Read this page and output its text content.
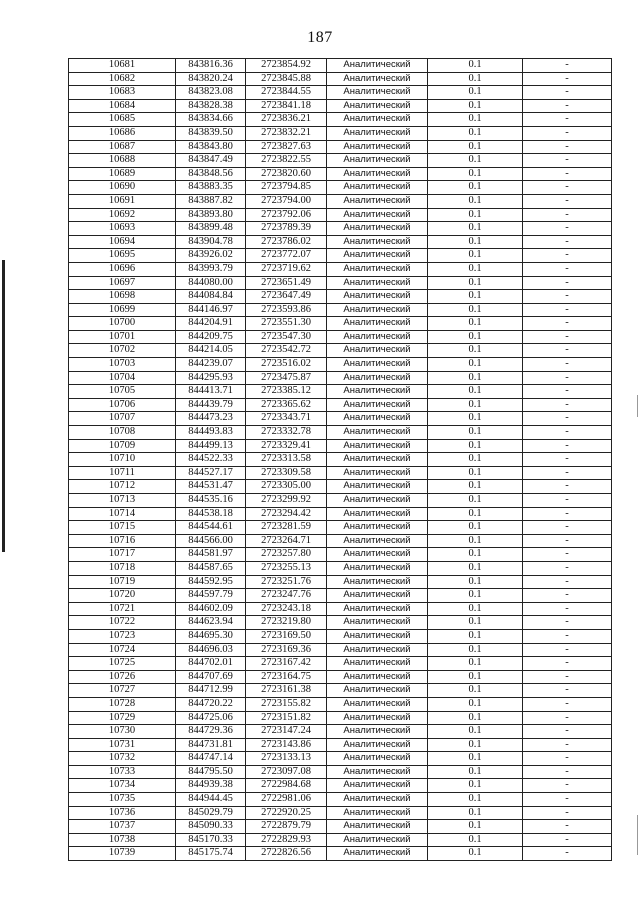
187
10681	843816.36	2723854.92	Аналитический	0.1	-
10682	843820.24	2723845.88	Аналитический	0.1	-
10683	843823.08	2723844.55	Аналитический	0.1	-
10684	843828.38	2723841.18	Аналитический	0.1	-
10685	843834.66	2723836.21	Аналитический	0.1	-
10686	843839.50	2723832.21	Аналитический	0.1	-
10687	843843.80	2723827.63	Аналитический	0.1	-
10688	843847.49	2723822.55	Аналитический	0.1	-
10689	843848.56	2723820.60	Аналитический	0.1	-
10690	843883.35	2723794.85	Аналитический	0.1	-
10691	843887.82	2723794.00	Аналитический	0.1	-
10692	843893.80	2723792.06	Аналитический	0.1	-
10693	843899.48	2723789.39	Аналитический	0.1	-
10694	843904.78	2723786.02	Аналитический	0.1	-
10695	843926.02	2723772.07	Аналитический	0.1	-
10696	843993.79	2723719.62	Аналитический	0.1	-
10697	844080.00	2723651.49	Аналитический	0.1	-
10698	844084.84	2723647.49	Аналитический	0.1	-
10699	844146.97	2723593.86	Аналитический	0.1	-
10700	844204.91	2723551.30	Аналитический	0.1	-
10701	844209.75	2723547.30	Аналитический	0.1	-
10702	844214.05	2723542.72	Аналитический	0.1	-
10703	844239.07	2723516.02	Аналитический	0.1	-
10704	844295.93	2723475.87	Аналитический	0.1	-
10705	844413.71	2723385.12	Аналитический	0.1	-
10706	844439.79	2723365.62	Аналитический	0.1	-
10707	844473.23	2723343.71	Аналитический	0.1	-
10708	844493.83	2723332.78	Аналитический	0.1	-
10709	844499.13	2723329.41	Аналитический	0.1	-
10710	844522.33	2723313.58	Аналитический	0.1	-
10711	844527.17	2723309.58	Аналитический	0.1	-
10712	844531.47	2723305.00	Аналитический	0.1	-
10713	844535.16	2723299.92	Аналитический	0.1	-
10714	844538.18	2723294.42	Аналитический	0.1	-
10715	844544.61	2723281.59	Аналитический	0.1	-
10716	844566.00	2723264.71	Аналитический	0.1	-
10717	844581.97	2723257.80	Аналитический	0.1	-
10718	844587.65	2723255.13	Аналитический	0.1	-
10719	844592.95	2723251.76	Аналитический	0.1	-
10720	844597.79	2723247.76	Аналитический	0.1	-
10721	844602.09	2723243.18	Аналитический	0.1	-
10722	844623.94	2723219.80	Аналитический	0.1	-
10723	844695.30	2723169.50	Аналитический	0.1	-
10724	844696.03	2723169.36	Аналитический	0.1	-
10725	844702.01	2723167.42	Аналитический	0.1	-
10726	844707.69	2723164.75	Аналитический	0.1	-
10727	844712.99	2723161.38	Аналитический	0.1	-
10728	844720.22	2723155.82	Аналитический	0.1	-
10729	844725.06	2723151.82	Аналитический	0.1	-
10730	844729.36	2723147.24	Аналитический	0.1	-
10731	844731.81	2723143.86	Аналитический	0.1	-
10732	844747.14	2723133.13	Аналитический	0.1	-
10733	844795.50	2723097.08	Аналитический	0.1	-
10734	844939.38	2722984.68	Аналитический	0.1	-
10735	844944.45	2722981.06	Аналитический	0.1	-
10736	845029.79	2722920.25	Аналитический	0.1	-
10737	845090.33	2722879.79	Аналитический	0.1	-
10738	845170.33	2722829.93	Аналитический	0.1	-
10739	845175.74	2722826.56	Аналитический	0.1	-
